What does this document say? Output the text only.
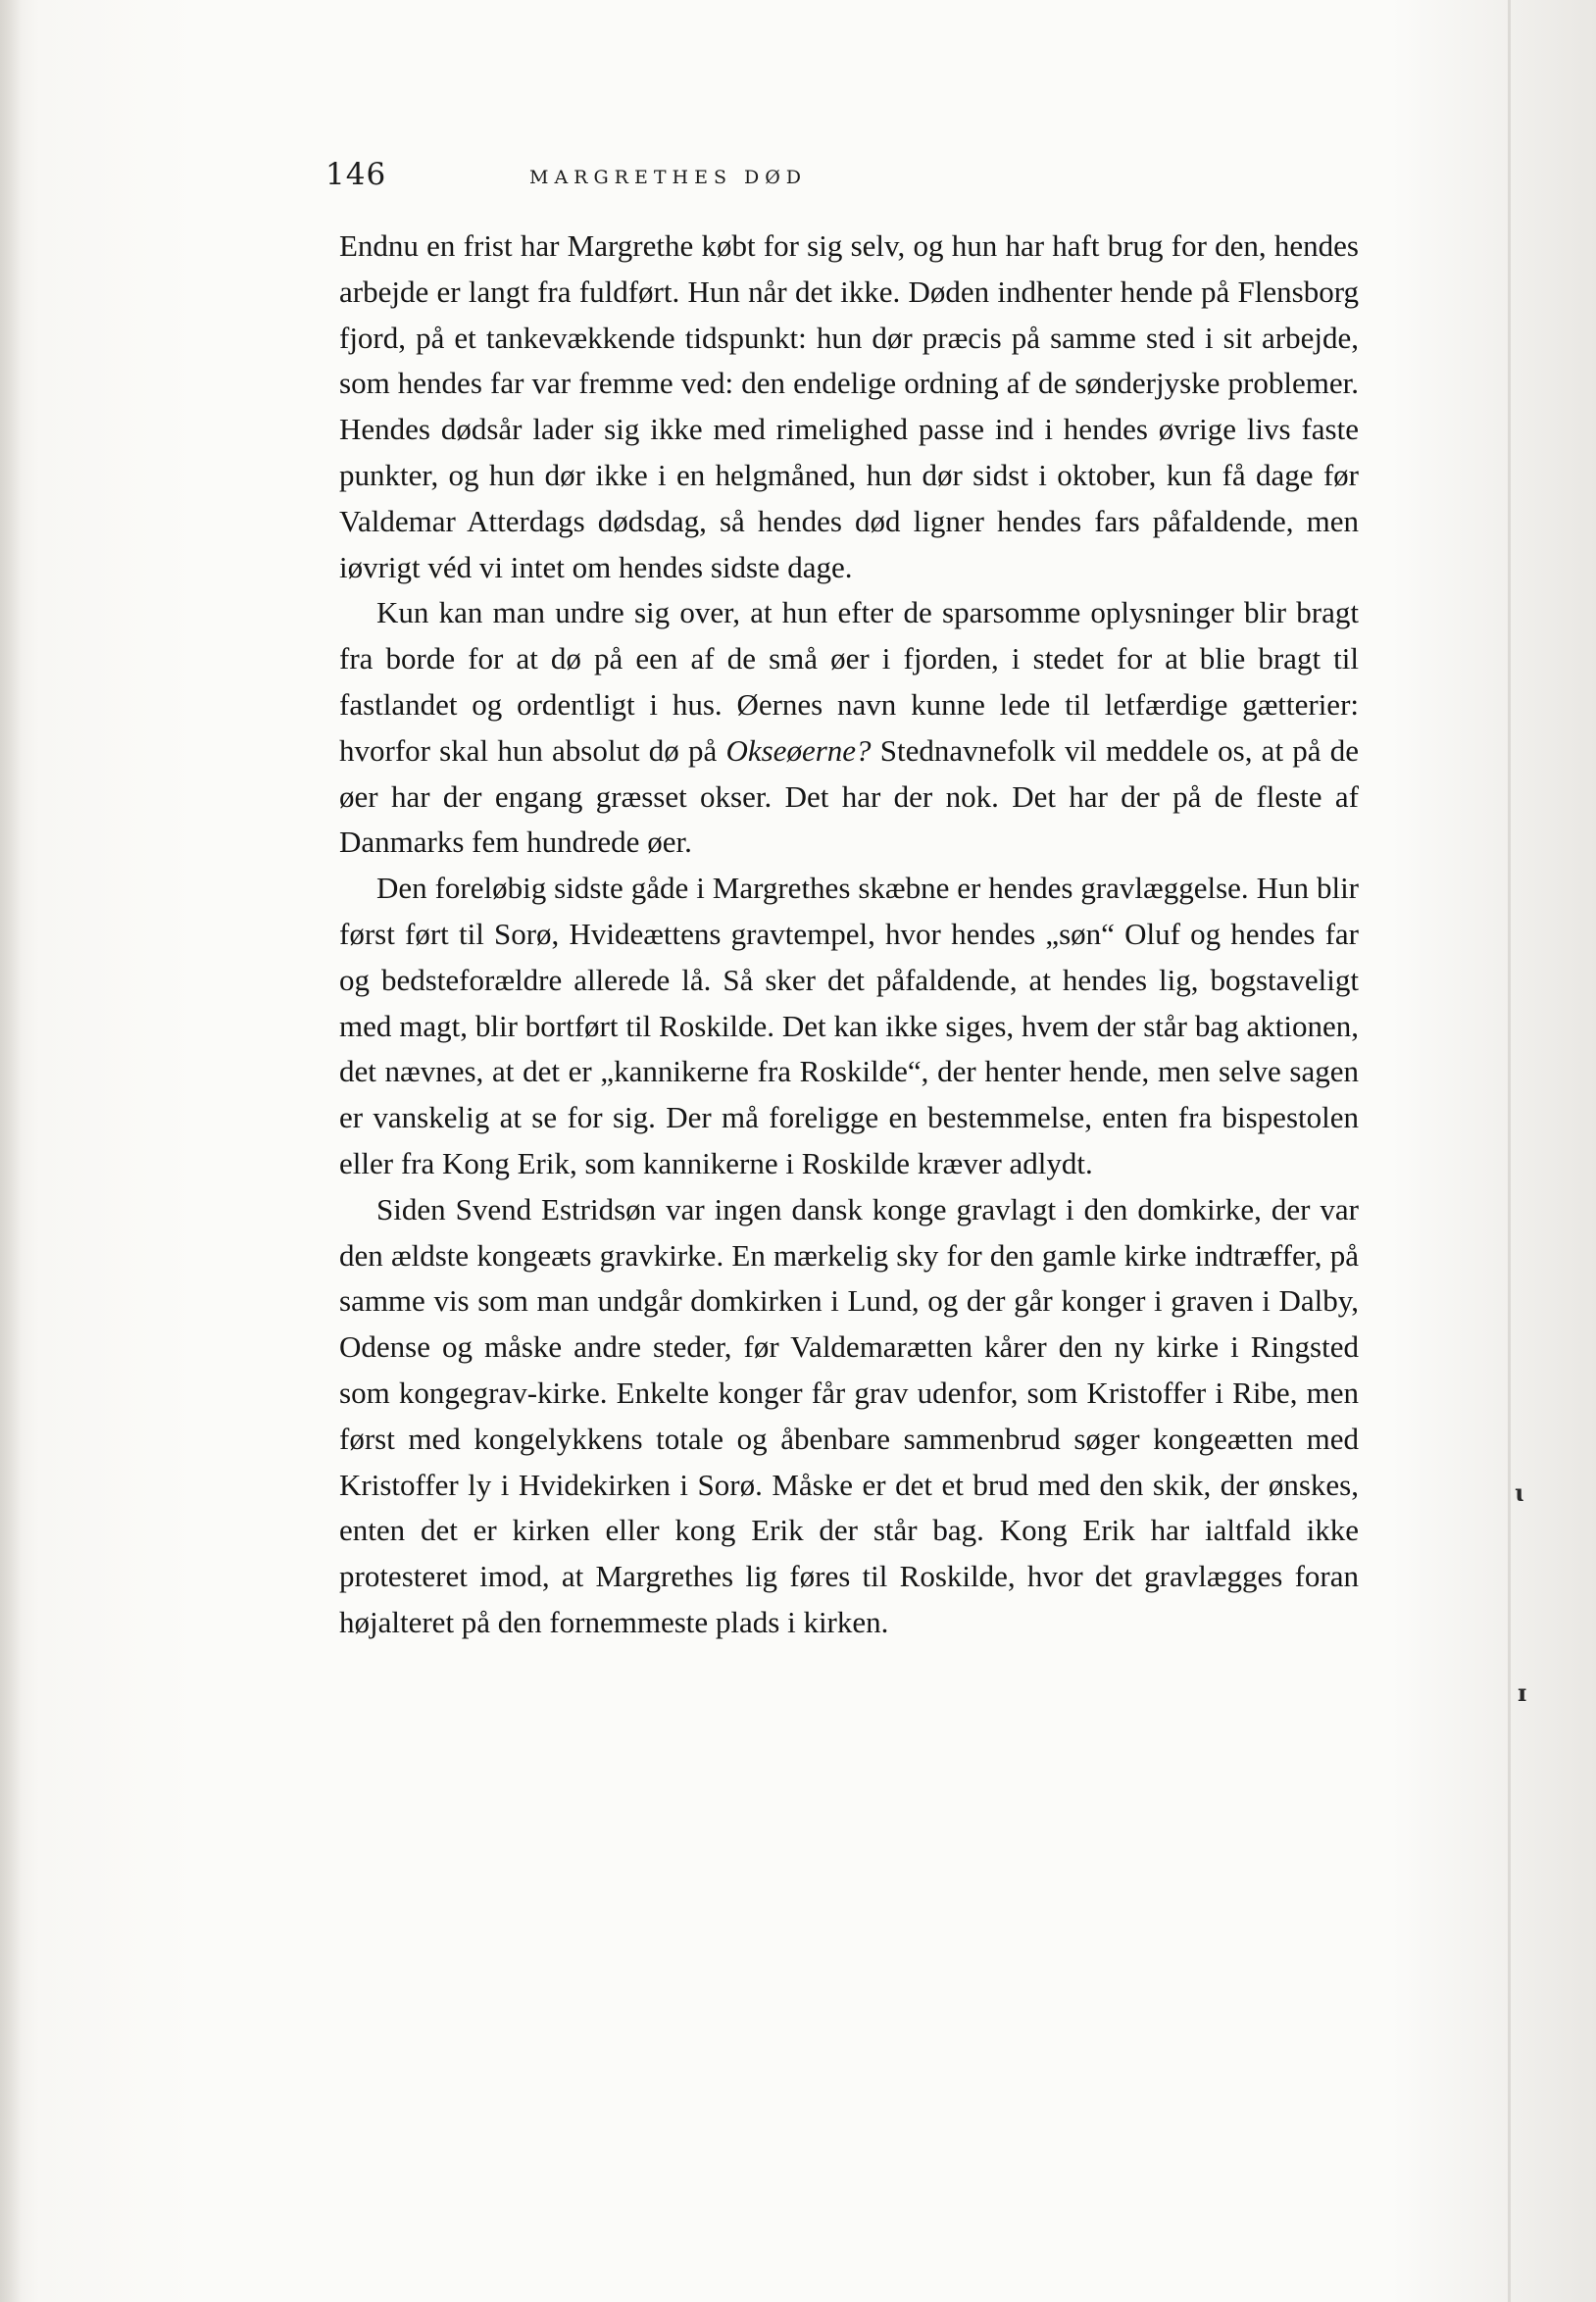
146	MARGRETHES DØD

Endnu en frist har Margrethe købt for sig selv, og hun har haft brug for den, hendes arbejde er langt fra fuldført. Hun når det ikke. Døden indhenter hende på Flensborg fjord, på et tankevækkende tidspunkt: hun dør præcis på samme sted i sit arbejde, som hendes far var fremme ved: den endelige ordning af de sønderjyske problemer. Hendes dødsår lader sig ikke med rimelighed passe ind i hendes øvrige livs faste punkter, og hun dør ikke i en helgmåned, hun dør sidst i oktober, kun få dage før Valdemar Atterdags dødsdag, så hendes død ligner hendes fars påfaldende, men iøvrigt véd vi intet om hendes sidste dage.

Kun kan man undre sig over, at hun efter de sparsomme oplysninger blir bragt fra borde for at dø på een af de små øer i fjorden, i stedet for at blie bragt til fastlandet og ordentligt i hus. Øernes navn kunne lede til letfærdige gætterier: hvorfor skal hun absolut dø på Okseøerne? Stednavnefolk vil meddele os, at på de øer har der engang græsset okser. Det har der nok. Det har der på de fleste af Danmarks fem hundrede øer.

Den foreløbig sidste gåde i Margrethes skæbne er hendes gravlæggelse. Hun blir først ført til Sorø, Hvideættens gravtempel, hvor hendes „søn“ Oluf og hendes far og bedsteforældre allerede lå. Så sker det påfaldende, at hendes lig, bogstaveligt med magt, blir bortført til Roskilde. Det kan ikke siges, hvem der står bag aktionen, det nævnes, at det er „kannikerne fra Roskilde“, der henter hende, men selve sagen er vanskelig at se for sig. Der må foreligge en bestemmelse, enten fra bispestolen eller fra Kong Erik, som kannikerne i Roskilde kræver adlydt.

Siden Svend Estridsøn var ingen dansk konge gravlagt i den domkirke, der var den ældste kongeæts gravkirke. En mærkelig sky for den gamle kirke indtræffer, på samme vis som man undgår domkirken i Lund, og der går konger i graven i Dalby, Odense og måske andre steder, før Valdemarætten kårer den ny kirke i Ringsted som kongegrav-kirke. Enkelte konger får grav udenfor, som Kristoffer i Ribe, men først med kongelykkens totale og åbenbare sammenbrud søger kongeætten med Kristoffer ly i Hvidekirken i Sorø. Måske er det et brud med den skik, der ønskes, enten det er kirken eller kong Erik der står bag. Kong Erik har ialtfald ikke protesteret imod, at Margrethes lig føres til Roskilde, hvor det gravlægges foran højalteret på den fornemmeste plads i kirken.

ɩ
ɪ
